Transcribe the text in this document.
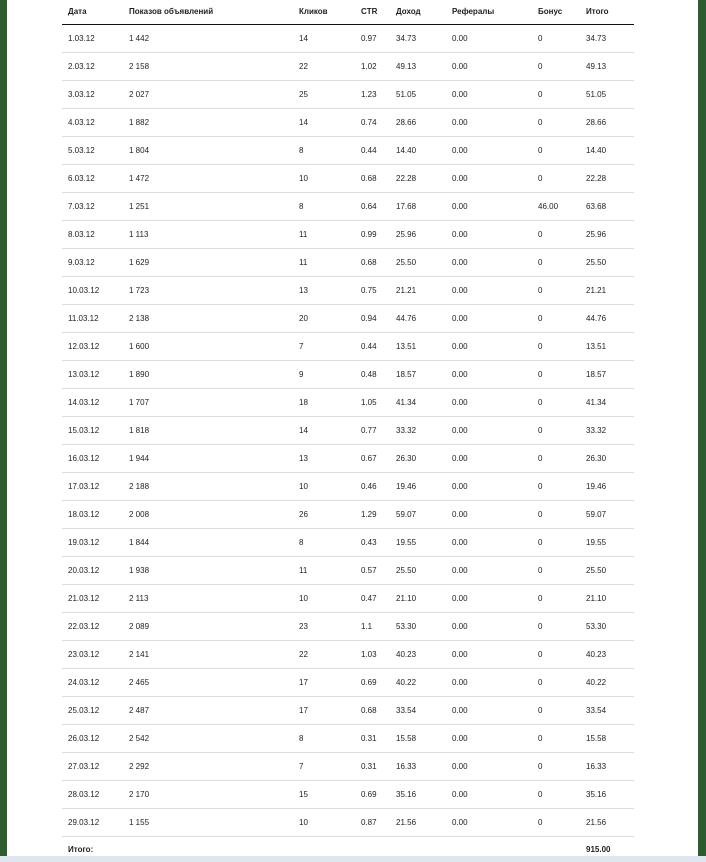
Дата	Показов объявлений	Кликов	CTR	Доход	Рефералы	Бонус	Итого
1.03.12	1 442	14	0.97	34.73	0.00	0	34.73
2.03.12	2 158	22	1.02	49.13	0.00	0	49.13
3.03.12	2 027	25	1.23	51.05	0.00	0	51.05
4.03.12	1 882	14	0.74	28.66	0.00	0	28.66
5.03.12	1 804	8	0.44	14.40	0.00	0	14.40
6.03.12	1 472	10	0.68	22.28	0.00	0	22.28
7.03.12	1 251	8	0.64	17.68	0.00	46.00	63.68
8.03.12	1 113	11	0.99	25.96	0.00	0	25.96
9.03.12	1 629	11	0.68	25.50	0.00	0	25.50
10.03.12	1 723	13	0.75	21.21	0.00	0	21.21
11.03.12	2 138	20	0.94	44.76	0.00	0	44.76
12.03.12	1 600	7	0.44	13.51	0.00	0	13.51
13.03.12	1 890	9	0.48	18.57	0.00	0	18.57
14.03.12	1 707	18	1.05	41.34	0.00	0	41.34
15.03.12	1 818	14	0.77	33.32	0.00	0	33.32
16.03.12	1 944	13	0.67	26.30	0.00	0	26.30
17.03.12	2 188	10	0.46	19.46	0.00	0	19.46
18.03.12	2 008	26	1.29	59.07	0.00	0	59.07
19.03.12	1 844	8	0.43	19.55	0.00	0	19.55
20.03.12	1 938	11	0.57	25.50	0.00	0	25.50
21.03.12	2 113	10	0.47	21.10	0.00	0	21.10
22.03.12	2 089	23	1.1	53.30	0.00	0	53.30
23.03.12	2 141	22	1.03	40.23	0.00	0	40.23
24.03.12	2 465	17	0.69	40.22	0.00	0	40.22
25.03.12	2 487	17	0.68	33.54	0.00	0	33.54
26.03.12	2 542	8	0.31	15.58	0.00	0	15.58
27.03.12	2 292	7	0.31	16.33	0.00	0	16.33
28.03.12	2 170	15	0.69	35.16	0.00	0	35.16
29.03.12	1 155	10	0.87	21.56	0.00	0	21.56
Итого:							915.00
